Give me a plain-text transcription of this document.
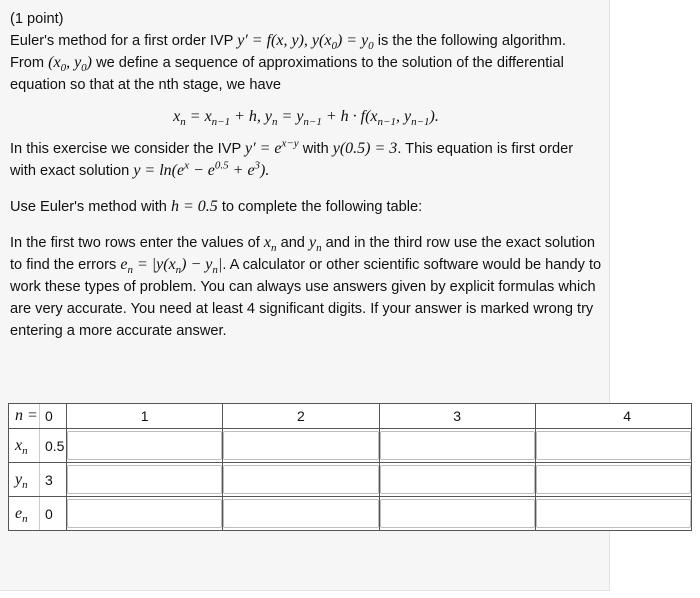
(1 point)

Euler's method for a first order IVP y′ = f(x, y), $y(x_0) = y_0$ is the the following algorithm. From ($x_0$, $y_0$) we define a sequence of approximations to the solution of the differential equation so that at the nth stage, we have

$x_n = x_{n-1} + h$, $y_n = y_{n-1} + h \cdot f(x_{n-1}$, $y_{n-1}$).

In this exercise we consider the IVP $y' = e^{x-y}$ with y(0.5) = 3. This equation is first order with exact solution $y = \ln(e^x - e^{0.5} + e^3)$.

Use Euler's method with h = 0.5 to complete the following table:

In the first two rows enter the values of $x_n$ and $y_n$ and in the third row use the exact solution to find the errors $e_n = |y(x_n) - y_n|$. A calculator or other scientific software would be handy to work these types of problem. You can always use answers given by explicit formulas which are very accurate. You need at least 4 significant digits. If your answer is marked wrong try entering a more accurate answer.

n = 0	1	2	3	4

$x_n$ 0.5				

$y_n$ 3				

$e_n$ 0				
